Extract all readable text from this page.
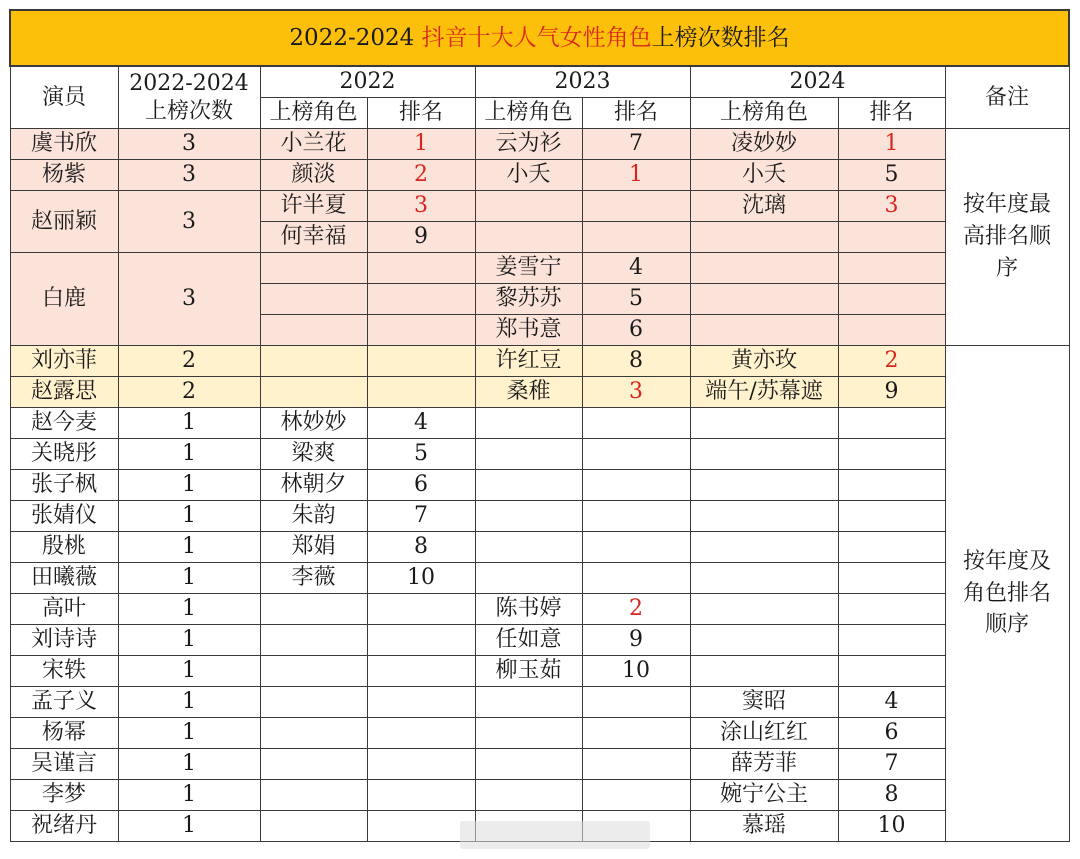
2022-2024 抖音十大人气女性角色上榜次数排名								
演员	2022-2024
上榜次数	2022		2023		2024		备注
		上榜角色	排名	上榜角色	排名	上榜角色	排名	
虞书欣	3	小兰花	1	云为衫	7	凌妙妙	1	按年度最
高排名顺
序

杨紫	3	颜淡	2	小夭	1	小夭	5	
赵丽颖	3	许半夏	3			沈璃	3	
		何幸福	9					
白鹿	3			姜雪宁	4			
				黎苏苏	5			
				郑书意	6			
刘亦菲	2			许红豆	8	黄亦玫	2	按年度及
角色排名
顺序

赵露思	2			桑稚	3	端午/苏幕遮	9	
赵今麦	1	林妙妙	4					
关晓彤	1	梁爽	5					
张子枫	1	林朝夕	6					
张婧仪	1	朱韵	7					
殷桃	1	郑娟	8					
田曦薇	1	李薇	10					
高叶	1			陈书婷	2			
刘诗诗	1			任如意	9			
宋轶	1			柳玉茹	10			
孟子义	1					窦昭	4	
杨幂	1					涂山红红	6	
吴谨言	1					薛芳菲	7	
李梦	1					婉宁公主	8	
祝绪丹	1					慕瑶	10	
